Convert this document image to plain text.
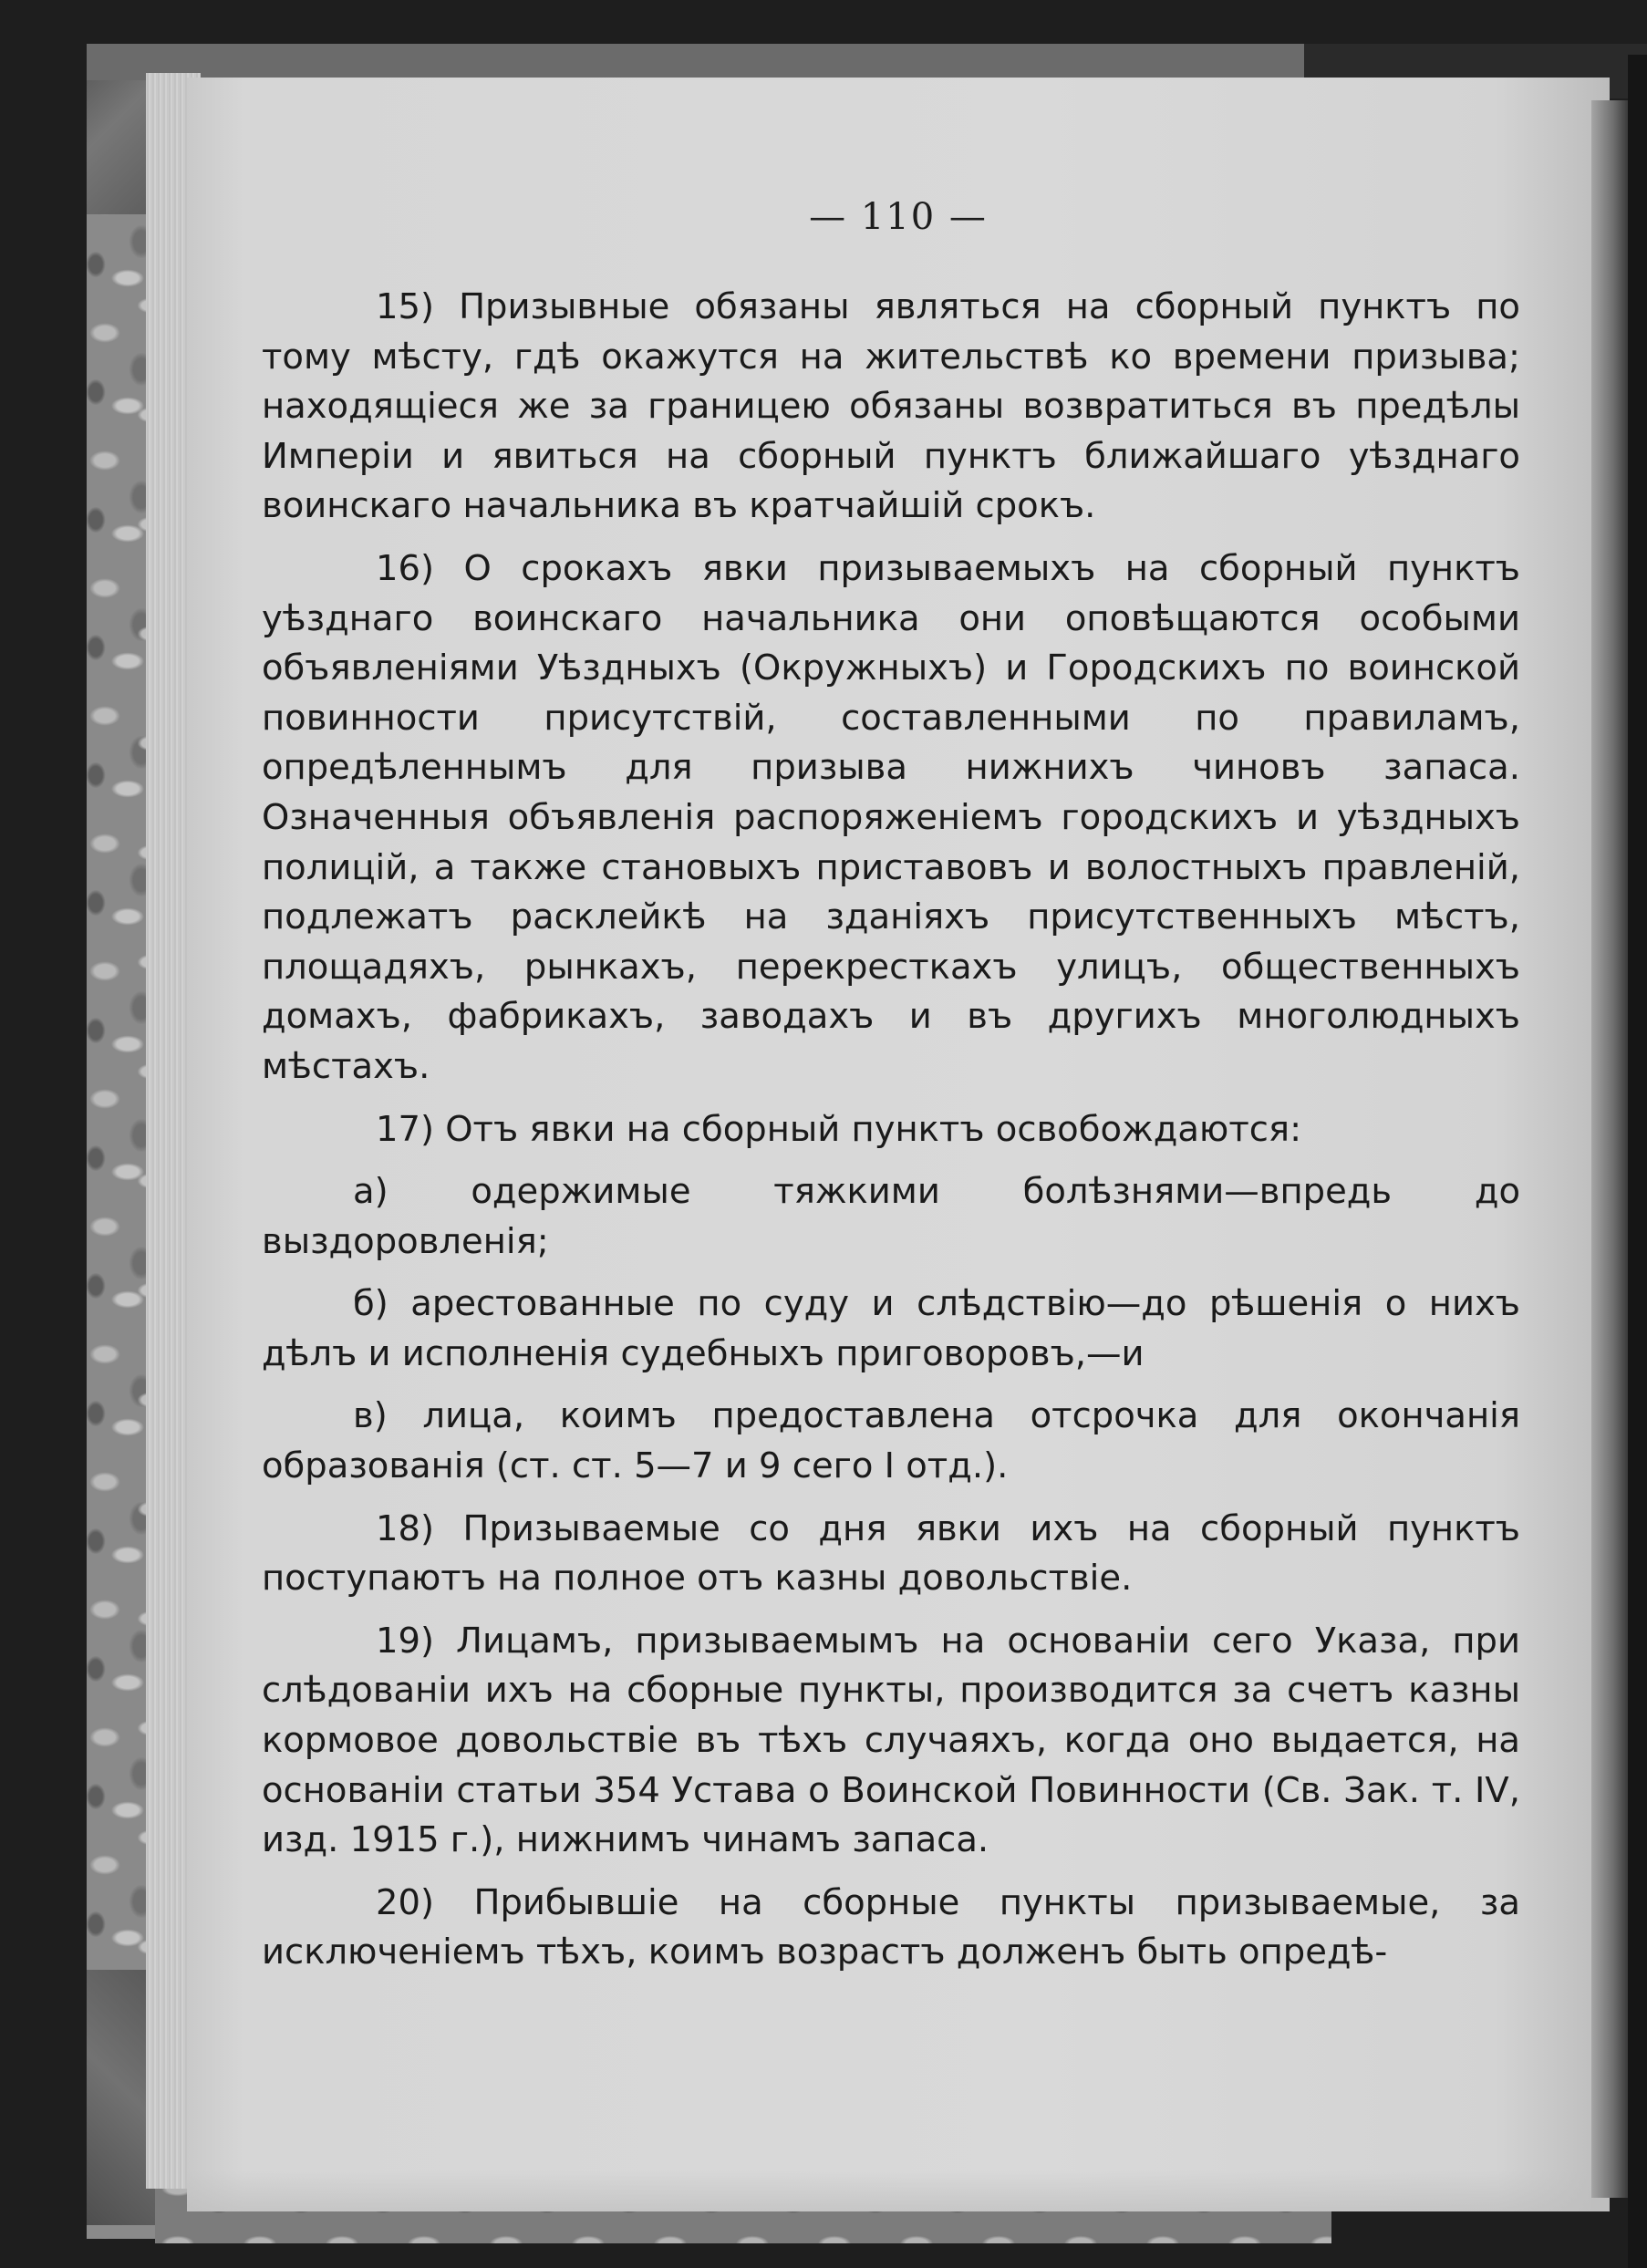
— 110 —

15) Призывные обязаны являться на сборный пунктъ по тому мѣсту, гдѣ окажутся на жительствѣ ко времени призыва; находящіеся же за границею обязаны возвратиться въ предѣлы Имперіи и явиться на сборный пунктъ ближайшаго уѣзднаго воинскаго начальника въ кратчайшій срокъ.

16) О срокахъ явки призываемыхъ на сборный пунктъ уѣзднаго воинскаго начальника они оповѣщаются особыми объявленіями Уѣздныхъ (Окружныхъ) и Городскихъ по воинской повинности присутствій, составленными по правиламъ, опредѣленнымъ для призыва нижнихъ чиновъ запаса. Означенныя объявленія распоряженіемъ городскихъ и уѣздныхъ полицій, а также становыхъ приставовъ и волостныхъ правленій, подлежатъ расклейкѣ на зданіяхъ присутственныхъ мѣстъ, площадяхъ, рынкахъ, перекресткахъ улицъ, общественныхъ домахъ, фабрикахъ, заводахъ и въ другихъ многолюдныхъ мѣстахъ.

17) Отъ явки на сборный пунктъ освобождаются:

а) одержимые тяжкими болѣзнями—впредь до выздоровленія;

б) арестованные по суду и слѣдствію—до рѣшенія о нихъ дѣлъ и исполненія судебныхъ приговоровъ,—и

в) лица, коимъ предоставлена отсрочка для окончанія образованія (ст. ст. 5—7 и 9 сего I отд.).

18) Призываемые со дня явки ихъ на сборный пунктъ поступаютъ на полное отъ казны довольствіе.

19) Лицамъ, призываемымъ на основаніи сего Указа, при слѣдованіи ихъ на сборные пункты, производится за счетъ казны кормовое довольствіе въ тѣхъ случаяхъ, когда оно выдается, на основаніи статьи 354 Устава о Воинской Повинности (Св. Зак. т. IV, изд. 1915 г.), нижнимъ чинамъ запаса.

20) Прибывшіе на сборные пункты призываемые, за исключеніемъ тѣхъ, коимъ возрастъ долженъ быть опредѣ-
